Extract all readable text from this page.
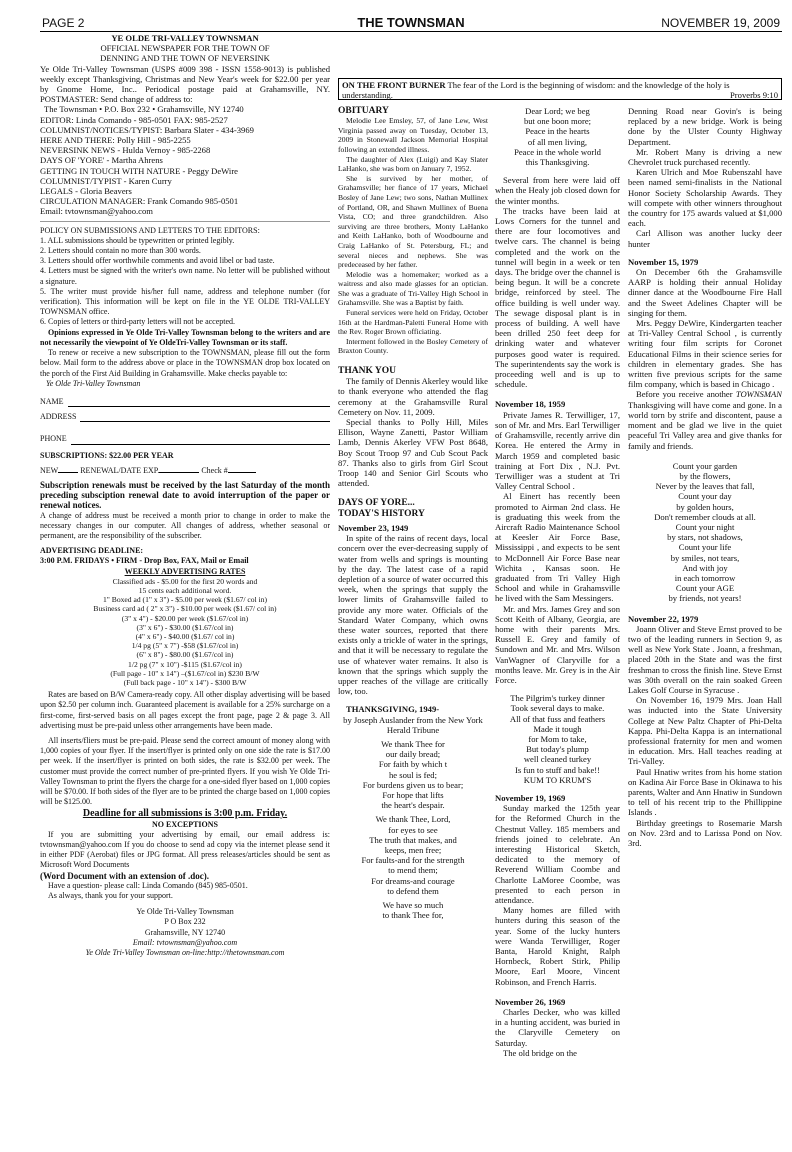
PAGE 2	THE TOWNSMAN	NOVEMBER 19, 2009

YE OLDE TRI-VALLEY TOWNSMAN

OFFICIAL NEWSPAPER FOR THE TOWN OF

DENNING AND THE TOWN OF NEVERSINK

Ye Olde Tri-Valley Townsman (USPS #009 398 - ISSN 1558-9013) is published weekly except Thanksgiving, Christmas and New Year's week for $22.00 per year by Gnome Home, Inc.. Periodical postage paid at Grahamsville, NY. POSTMASTER: Send change of address to:

The Townsman • P.O. Box 232 • Grahamsville, NY 12740

EDITOR: Linda Comando - 985-0501 FAX: 985-2527

COLUMNIST/NOTICES/TYPIST: Barbara Slater - 434-3969

HERE AND THERE: Polly Hill - 985-2255

NEVERSINK NEWS - Hulda Vernoy - 985-2268

DAYS OF 'YORE' - Martha Ahrens

GETTING IN TOUCH WITH NATURE - Peggy DeWire

COLUMNIST/TYPIST - Karen Curry

LEGALS - Gloria Beavers

CIRCULATION MANAGER: Frank Comando 985-0501

Email: tvtownsman@yahoo.com

POLICY ON SUBMISSIONS AND LETTERS TO THE EDITORS:

1. ALL submissions should be typewritten or printed legibly.

2. Letters should contain no more than 300 words.

3. Letters should offer worthwhile comments and avoid libel or bad taste.

4. Letters must be signed with the writer's own name. No letter will be published without a signature.

5. The writer must provide his/her full name, address and telephone number (for verification). This information will be kept on file in the YE OLDE TRI-VALLEY TOWNSMAN office.

6. Copies of letters or third-party letters will not be accepted.

Opinions expressed in Ye Olde Tri-Valley Townsman belong to the writers and are not necessarily the viewpoint of Ye OldeTri-Valley Townsman or its staff.

To renew or receive a new subscription to the TOWNSMAN, please fill out the form below. Mail form to the address above or place in the TOWNSMAN drop box located on the porch of the First Aid Building in Grahamsville. Make checks payable to:

Ye Olde Tri-Valley Townsman

NAME
ADDRESS
PHONE

SUBSCRIPTIONS: $22.00 PER YEAR

NEW	RENEWAL/DATE EXP.	Check #

Subscription renewals must be received by the last Saturday of the month preceding subsciption renewal date to avoid interruption of the paper or renewal notices.

A change of address must be received a month prior to change in order to make the necessary changes in our computer. All changes of address, whether seasonal or permanent, are the responsibility of the subscriber.

ADVERTISING DEADLINE:

3:00 P.M. FRIDAYS • FIRM - Drop Box, FAX, Mail or Email

WEEKLY ADVERTISING RATES

Classified ads - $5.00 for the first 20 words and

15 cents each additional word.

1" Boxed ad (1" x 3") - $5.00 per week ($1.67/ col in)

Business card ad ( 2" x 3") - $10.00 per week ($1.67/ col in)

(3" x 4") - $20.00 per week ($1.67/col in)

(3" x 6") - $30.00 ($1.67/col in)

(4" x 6") - $40.00 ($1.67/ col in)

1/4 pg (5" x 7") -$58 ($1.67/col in)

(6" x 8") - $80.00 ($1.67/col in)

1/2 pg (7" x 10") -$115 ($1.67/col in)

(Full page - 10" x 14") –($1.67/col in) $230 B/W

(Full back page - 10" x 14") - $300 B/W

Rates are based on B/W Camera-ready copy. All other display advertising will be based upon $2.50 per column inch. Guaranteed placement is available for a 25% surcharge on a first-come, first-served basis on all pages except the front page, page 2 & page 3. All advertising must be pre-paid unless other arrangements have been made.

All inserts/fliers must be pre-paid. Please send the correct amount of money along with 1,000 copies of your flyer. If the insert/flyer is printed only on one side the rate is $17.00 per week. If the insert/flyer is printed on both sides, the rate is $32.00 per week. The customer must provide the correct number of pre-printed flyers. If you wish Ye Olde Tri-Valley Townsman to print the flyers the charge for a one-sided flyer based on 1,000 copies will be $70.00. If both sides of the flyer are to be printed the charge based on 1,000 copies will be $125.00.

Deadline for all submissions is 3:00 p.m. Friday.

NO EXCEPTIONS

If you are submitting your advertising by email, our email address is: tvtownsman@yahoo.com If you do choose to send ad copy via the internet please send it in either PDF (Aerobat) files or JPG format. All press releases/articles should be sent as Microsoft Word Documents

(Word Document with an extension of .doc).

Have a question- please call: Linda Comando (845) 985-0501.

As always, thank you for your support.

Ye Olde Tri-Valley Townsman

P O Box 232

Grahamsville, NY 12740

Email: tvtownsman@yahoo.com

Ye Olde Tri-Valley Townsman on-line:http://thetownsman.com

ON THE FRONT BURNER The fear of the Lord is the beginning of wisdom: and the knowledge of the holy is understanding.	Proverbs 9:10

OBITUARY

Melodie Lee Emsley, 57, of Jane Lew, West Virginia passed away on Tuesday, October 13, 2009 in Stonewall Jackson Memorial Hospital following an extended illness.

The daughter of Alex (Luigi) and Kay Slater LaHanko, she was born on January 7, 1952.

She is survived by her mother, of Grahamsville; her fiance of 17 years, Michael Bosley of Jane Lew; two sons, Nathan Mullinex of Portland, OR, and Shawn Mullinex of Buena Vista, CO; and three grandchildren. Also surviving are three brothers, Monty LaHanko and Keith LaHanko, both of Woodbourne and Craig LaHanko of St. Petersburg, FL; and several nieces and nephews. She was predeceased by her father.

Melodie was a homemaker; worked as a waitress and also made glasses for an optician. She was a graduate of Tri-Valley High School in Grahamsville. She was a Baptist by faith.

Funeral services were held on Friday, October 16th at the Hardman-Paletti Funeral Home with the Rev. Roger Brown officiating.

Interment followed in the Bosley Cemetery of Braxton County.

THANK YOU

The family of Dennis Akerley would like to thank everyone who attended the flag ceremony at the Grahamsville Rural Cemetery on Nov. 11, 2009.

Special thanks to Polly Hill, Miles Ellison, Wayne Zanetti, Pastor William Lamb, Dennis Akerley VFW Post 8648, Boy Scout Troop 97 and Cub Scout Pack 87. Thanks also to girls from Girl Scout Troop 140 and Senior Girl Scouts who attended.

DAYS OF YORE...

TODAY'S HISTORY

November 23, 1949

In spite of the rains of recent days, local concern over the ever-decreasing supply of water from wells and springs is mounting by the day. The latest case of a rapid depletion of a source of water occurred this week, when the springs that supply the lower limits of Grahamsville failed to provide any more water. Officials of the Standard Water Company, which owns these water sources, reported that there exists only a trickle of water in the springs, and that it will be necessary to regulate the use of whatever water remains. It also is known that the springs which supply the upper reaches of the village are critically low, too.

THANKSGIVING, 1949-

by Joseph Auslander from the New York Herald Tribune

We thank Thee for

our daily bread;

For faith by which t

he soul is fed;

For burdens given us to bear;

For hope that lifts

the heart's despair.

We thank Thee, Lord,

for eyes to see

The truth that makes, and

keeps, men free;

For faults-and for the strength

to mend them;

For dreams-and courage

to defend them

We have so much

to thank Thee for,

Dear Lord; we beg

but one boon more;

Peace in the hearts

of all men living,

Peace in the whole world

this Thanksgiving.

Several from here were laid off when the Healy job closed down for the winter months.

The tracks have been laid at Lows Corners for the tunnel and there are four locomotives and twelve cars. The channel is being completed and the work on the tunnel will begin in a week or ten days. The bridge over the channel is being begun. It will be a concrete bridge, reinforced by steel. The office building is well under way. The sewage disposal plant is in process of building. A well have been drilled 250 feet deep for drinking water and whatever purposes good water is required. The superintendents say the work is proceeding well and is up to schedule.

November 18, 1959

Private James R. Terwilliger, 17, son of Mr. and Mrs. Earl Terwilliger of Grahamsville, recently arrive din Korea. He entered the Army in March 1959 and completed basic training at Fort Dix , N.J. Pvt. Terwilliger was a student at Tri Valley Central School .

Al Einert has recently been promoted to Airman 2nd class. He is graduating this week from the Aircraft Radio Maintenance School at Keesler Air Force Base, Mississippi , and expects to be sent to McDonnell Air Force Base near Wichita , Kansas soon. He graduated from Tri Valley High School and while in Grahamsville he lived with the Sam Messingers.

Mr. and Mrs. James Grey and son Scott Keith of Albany, Georgia, are home with their parents Mrs. Russell E. Grey and family of Sundown and Mr. and Mrs. Wilson VanWagner of Claryville for a months leave. Mr. Grey is in the Air Force.

The Pilgrim's turkey dinner

Took several days to make.

All of that fuss and feathers

Made it tough

for Mom to take,

But today's plump

well cleaned turkey

Is fun to stuff and bake!!

KUM TO KRUM'S

November 19, 1969

Sunday marked the 125th year for the Reformed Church in the Chestnut Valley. 185 members and friends joined to celebrate. An interesting Historical Sketch, dedicated to the memory of Reverend William Coombe and Charlotte LaMoree Coombe, was presented to each person in attendance.

Many homes are filled with hunters during this season of the year. Some of the lucky hunters were Wanda Terwilliger, Roger Banta, Harold Knight, Ralph Hornbeck, Robert Stirk, Philip Moore, Earl Moore, Vincent Robinson, and French Harris.

November 26, 1969

Charles Decker, who was killed in a hunting accident, was buried in the Claryville Cemetery on Saturday.

The old bridge on the

Denning Road near Govin's is being replaced by a new bridge. Work is being done by the Ulster County Highway Department.

Mr. Robert Many is driving a new Chevrolet truck purchased recently.

Karen Ulrich and Moe Rubenszahl have been named semi-finalists in the National Honor Society Scholarship Awards. They will compete with other winners throughout the country for 175 awards valued at $1,000 each.

Carl Allison was another lucky deer hunter

November 15, 1979

On December 6th the Grahamsville AARP is holding their annual Holiday dinner dance at the Woodbourne Fire Hall and the Sweet Adelines Chapter will be singing for them.

Mrs. Peggy DeWire, Kindergarten teacher at Tri-Valley Central School , is currently writing four film scripts for Coronet Educational Films in their science series for children in elementary grades. She has written five previous scripts for the same film company, which is based in Chicago .

Before you receive another TOWNSMAN Thanksgiving will have come and gone. In a world torn by strife and discontent, pause a moment and be glad we live in the quiet peaceful Tri Valley area and give thanks for family and friends.

Count your garden

by the flowers,

Never by the leaves that fall,

Count your day

by golden hours,

Don't remember clouds at all.

Count your night

by stars, not shadows,

Count your life

by smiles, not tears,

And with joy

in each tomorrow

Count your AGE

by friends, not years!

November 22, 1979

Joann Oliver and Steve Ernst proved to be two of the leading runners in Section 9, as well as New York State . Joann, a freshman, placed 20th in the State and was the first freshman to cross the finish line. Steve Ernst was 30th overall on the rain soaked Green Lakes Golf Course in Syracuse .

On November 16, 1979 Mrs. Joan Hall was inducted into the State University College at New Paltz Chapter of Phi-Delta Kappa. Phi-Delta Kappa is an international professional fraternity for men and women in education. Mrs. Hall teaches reading at Tri-Valley.

Paul Hnatiw writes from his home station on Kadina Air Force Base in Okinawa to his parents, Walter and Ann Hnatiw in Sundown to tell of his recent trip to the Phillippine Islands .

Birthday greetings to Rosemarie Marsh on Nov. 23rd and to Larissa Pond on Nov. 3rd.
